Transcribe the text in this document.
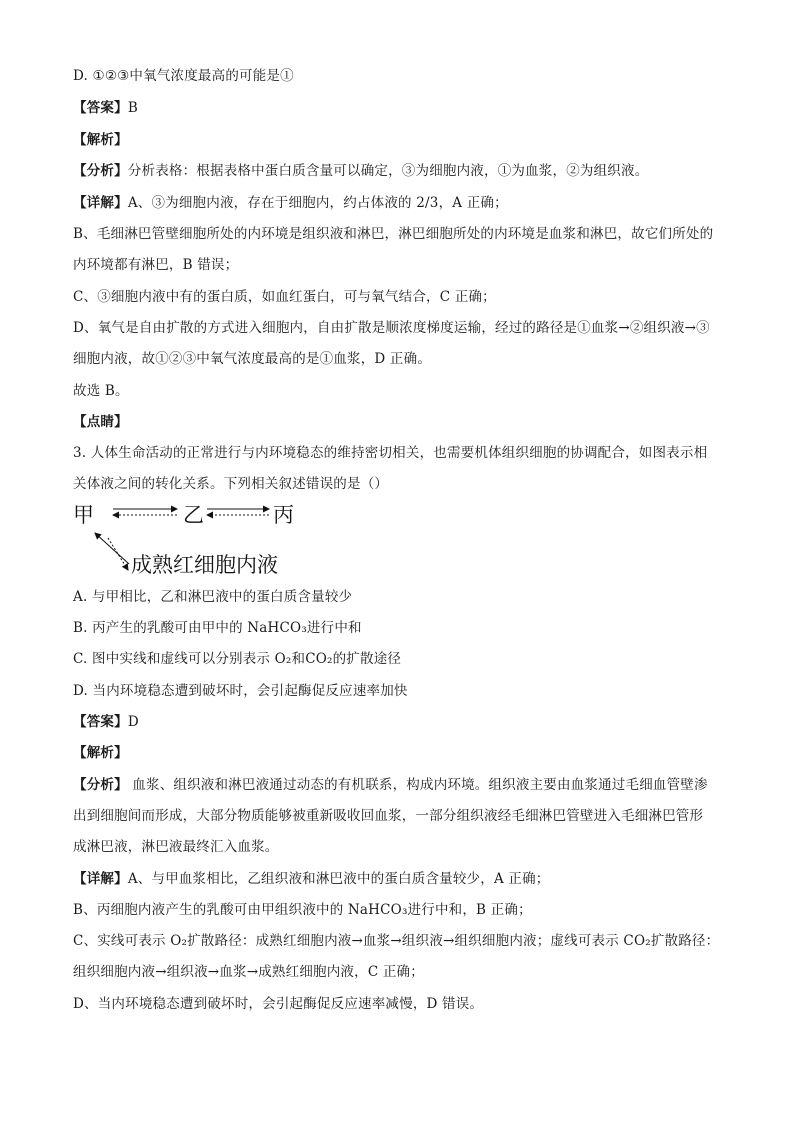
D. ①②③中氧气浓度最高的可能是①
【答案】B
【解析】
【分析】分析表格：根据表格中蛋白质含量可以确定，③为细胞内液，①为血浆，②为组织液。
【详解】A、③为细胞内液，存在于细胞内，约占体液的 2/3，A 正确；
B、毛细淋巴管壁细胞所处的内环境是组织液和淋巴，淋巴细胞所处的内环境是血浆和淋巴，故它们所处的
内环境都有淋巴，B 错误；
C、③细胞内液中有的蛋白质，如血红蛋白，可与氧气结合，C 正确；
D、氧气是自由扩散的方式进入细胞内，自由扩散是顺浓度梯度运输，经过的路径是①血浆→②组织液→③
细胞内液，故①②③中氧气浓度最高的是①血浆，D 正确。
故选 B。
【点睛】
3. 人体生命活动的正常进行与内环境稳态的维持密切相关，也需要机体组织细胞的协调配合，如图表示相
关体液之间的转化关系。下列相关叙述错误的是（）
甲	乙	丙
成熟红细胞内液
A. 与甲相比，乙和淋巴液中的蛋白质含量较少
B. 丙产生的乳酸可由甲中的 NaHCO₃进行中和
C. 图中实线和虚线可以分别表示 O₂和CO₂的扩散途径
D. 当内环境稳态遭到破坏时，会引起酶促反应速率加快
【答案】D
【解析】
【分析】 血浆、组织液和淋巴液通过动态的有机联系，构成内环境。组织液主要由血浆通过毛细血管壁渗
出到细胞间而形成，大部分物质能够被重新吸收回血浆，一部分组织液经毛细淋巴管壁进入毛细淋巴管形
成淋巴液，淋巴液最终汇入血浆。
【详解】A、与甲血浆相比，乙组织液和淋巴液中的蛋白质含量较少，A 正确；
B、丙细胞内液产生的乳酸可由甲组织液中的 NaHCO₃进行中和，B 正确；
C、实线可表示 O₂扩散路径：成熟红细胞内液→血浆→组织液→组织细胞内液；虚线可表示 CO₂扩散路径：
组织细胞内液→组织液→血浆→成熟红细胞内液，C 正确；
D、当内环境稳态遭到破坏时，会引起酶促反应速率减慢，D 错误。
